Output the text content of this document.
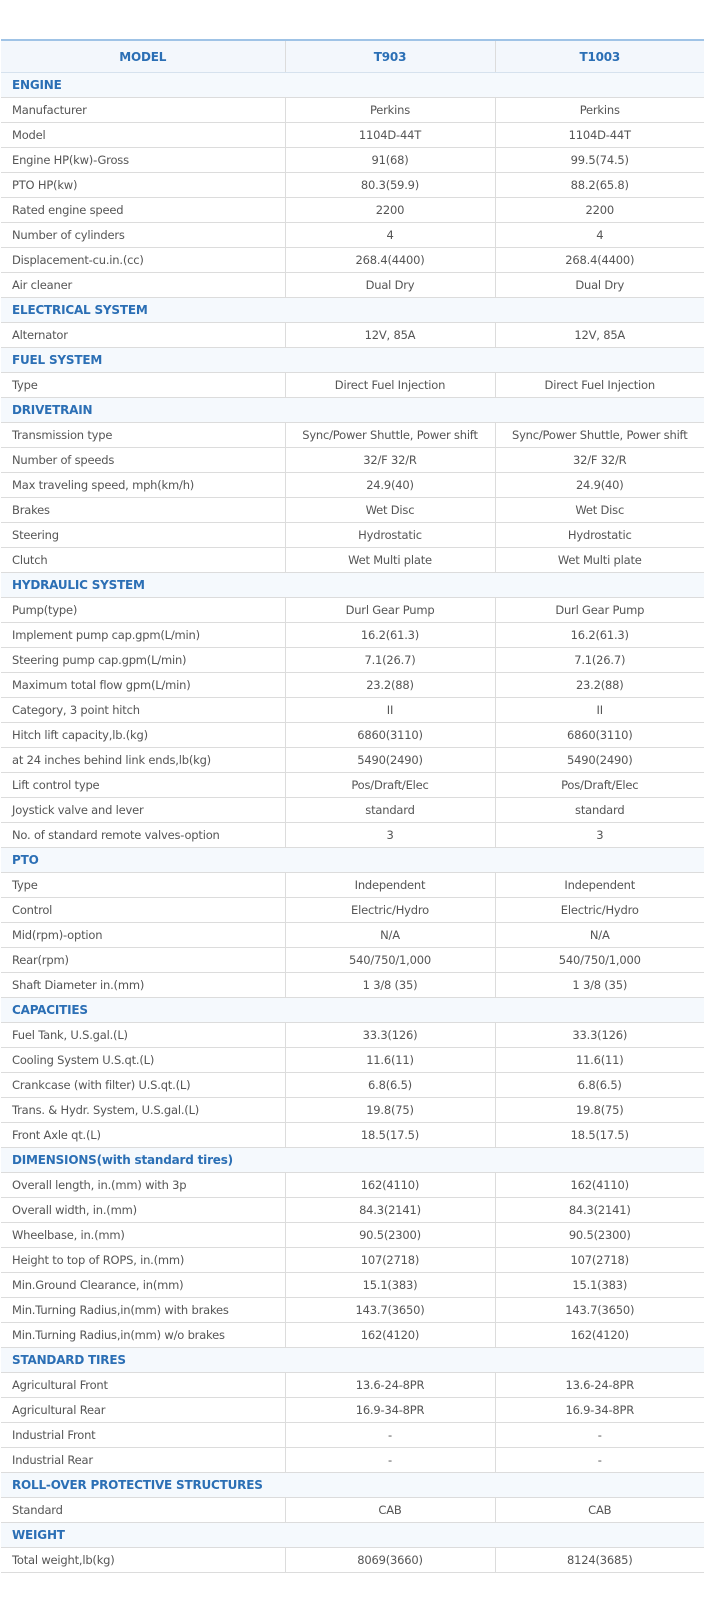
MODEL	T903	T1003
ENGINE		
Manufacturer	Perkins	Perkins
Model	1104D-44T	1104D-44T
Engine HP(kw)-Gross	91(68)	99.5(74.5)
PTO HP(kw)	80.3(59.9)	88.2(65.8)
Rated engine speed	2200	2200
Number of cylinders	4	4
Displacement-cu.in.(cc)	268.4(4400)	268.4(4400)
Air cleaner	Dual Dry	Dual Dry
ELECTRICAL SYSTEM		
Alternator	12V, 85A	12V, 85A
FUEL SYSTEM		
Type	Direct Fuel Injection	Direct Fuel Injection
DRIVETRAIN		
Transmission type	Sync/Power Shuttle, Power shift	Sync/Power Shuttle, Power shift
Number of speeds	32/F 32/R	32/F 32/R
Max traveling speed, mph(km/h)	24.9(40)	24.9(40)
Brakes	Wet Disc	Wet Disc
Steering	Hydrostatic	Hydrostatic
Clutch	Wet Multi plate	Wet Multi plate
HYDRAULIC SYSTEM		
Pump(type)	Durl Gear Pump	Durl Gear Pump
Implement pump cap.gpm(L/min)	16.2(61.3)	16.2(61.3)
Steering pump cap.gpm(L/min)	7.1(26.7)	7.1(26.7)
Maximum total flow gpm(L/min)	23.2(88)	23.2(88)
Category, 3 point hitch	II	II
Hitch lift capacity,lb.(kg)	6860(3110)	6860(3110)
at 24 inches behind link ends,lb(kg)	5490(2490)	5490(2490)
Lift control type	Pos/Draft/Elec	Pos/Draft/Elec
Joystick valve and lever	standard	standard
No. of standard remote valves-option	3	3
PTO		
Type	Independent	Independent
Control	Electric/Hydro	Electric/Hydro
Mid(rpm)-option	N/A	N/A
Rear(rpm)	540/750/1,000	540/750/1,000
Shaft Diameter in.(mm)	1 3/8 (35)	1 3/8 (35)
CAPACITIES		
Fuel Tank, U.S.gal.(L)	33.3(126)	33.3(126)
Cooling System U.S.qt.(L)	11.6(11)	11.6(11)
Crankcase (with filter) U.S.qt.(L)	6.8(6.5)	6.8(6.5)
Trans. & Hydr. System, U.S.gal.(L)	19.8(75)	19.8(75)
Front Axle qt.(L)	18.5(17.5)	18.5(17.5)
DIMENSIONS(with standard tires)		
Overall length, in.(mm) with 3p	162(4110)	162(4110)
Overall width, in.(mm)	84.3(2141)	84.3(2141)
Wheelbase, in.(mm)	90.5(2300)	90.5(2300)
Height to top of ROPS, in.(mm)	107(2718)	107(2718)
Min.Ground Clearance, in(mm)	15.1(383)	15.1(383)
Min.Turning Radius,in(mm) with brakes	143.7(3650)	143.7(3650)
Min.Turning Radius,in(mm) w/o brakes	162(4120)	162(4120)
STANDARD TIRES		
Agricultural Front	13.6-24-8PR	13.6-24-8PR
Agricultural Rear	16.9-34-8PR	16.9-34-8PR
Industrial Front	-	-
Industrial Rear	-	-
ROLL-OVER PROTECTIVE STRUCTURES		
Standard	CAB	CAB
WEIGHT		
Total weight,lb(kg)	8069(3660)	8124(3685)
